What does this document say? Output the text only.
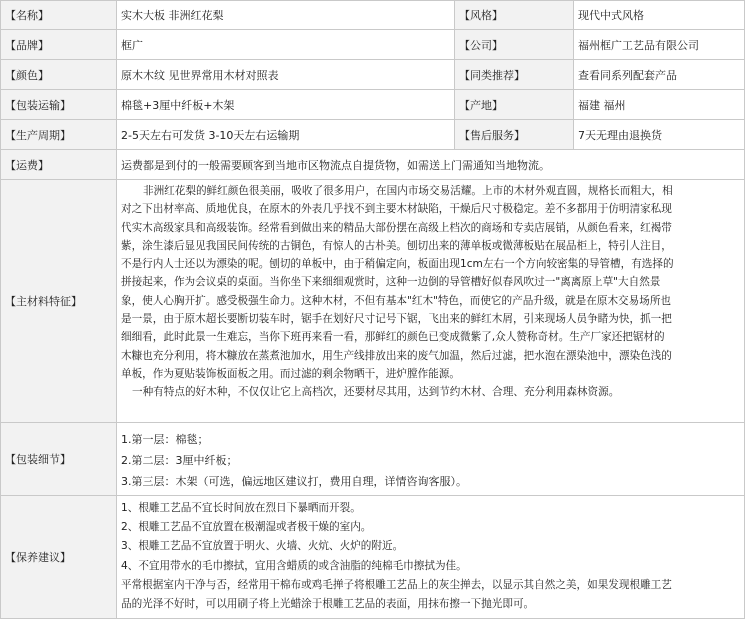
【名称】	实木大板 非洲红花梨	【风格】	现代中式风格
【品牌】	框广	【公司】	福州框广工艺品有限公司
【颜色】	原木木纹 见世界常用木材对照表	【同类推荐】	查看同系列配套产品
【包装运输】	棉毯+3厘中纤板+木架	【产地】	福建 福州
【生产周期】	2-5天左右可发货 3-10天左右运输期	【售后服务】	7天无理由退换货
【运费】	运费都是到付的一般需要顾客到当地市区物流点自提货物，如需送上门需通知当地物流。
【主材料特征】
非洲红花梨的鲜红颜色很美丽，吸收了很多用户，在国内市场交易活耀。上市的木材外观直圆，规格长而粗大，相
对之下出材率高、质地优良，在原木的外表几乎找不到主要木材缺陷，干燥后尺寸极稳定。差不多都用于仿明清家私现
代实木高级家具和高级装饰。经常看到做出来的精品大部份摆在高级上档次的商场和专卖店展销，从颜色看来，红褐带
紫，涂生漆后显见我国民间传统的古铜色，有惊人的古朴美。刨切出来的薄单板或微薄板贴在展品柜上，特引人注目，
不是行内人士还以为漂染的呢。刨切的单板中，由于稍偏定向，板面出现1cm左右一个方向较密集的导管槽，有选择的
拼接起来，作为会议桌的桌面。当你坐下来细细观赏时，这种一边倒的导管槽好似春风吹过一"离离原上草"大自然景
象，使人心胸开扩。感受极强生命力。这种木材，不但有基本"红木"特色，而使它的产品升级，就是在原木交易场所也
是一景，由于原木超长要断切装车时，锯手在划好尺寸记号下锯，飞出来的鲜红木屑，引来现场人员争睹为快，抓一把
细细看，此时此景一生难忘，当你下班再来看一看，那鲜红的颜色已变成微紫了,众人赞称奇材。生产厂家还把锯材的
木糠也充分利用，将木糠放在蒸煮池加水，用生产线排放出来的废气加温，然后过滤，把水泡在漂染池中，漂染色浅的
单板，作为夏贴装饰板面板之用。而过滤的剩余物晒干，进炉膛作能源。
一种有特点的好木种，不仅仅让它上高档次，还要材尽其用，达到节约木材、合理、充分利用森林资源。
【包装细节】
1.第一层：棉毯；
2.第二层：3厘中纤板；
3.第三层：木架（可选，偏远地区建议打，费用自理，详情咨询客服）。
【保养建议】
1、根雕工艺品不宜长时间放在烈日下暴晒而开裂。
2、根雕工艺品不宜放置在极潮湿或者极干燥的室内。
3、根雕工艺品不宜放置于明火、火墙、火炕、火炉的附近。
4、不宜用带水的毛巾擦拭，宜用含蜡质的或含油脂的纯棉毛巾擦拭为佳。
平常根据室内干净与否，经常用干棉布或鸡毛掸子将根雕工艺品上的灰尘掸去，以显示其自然之美，如果发现根雕工艺
品的光泽不好时，可以用刷子将上光蜡涂于根雕工艺品的表面，用抹布擦一下抛光即可。
